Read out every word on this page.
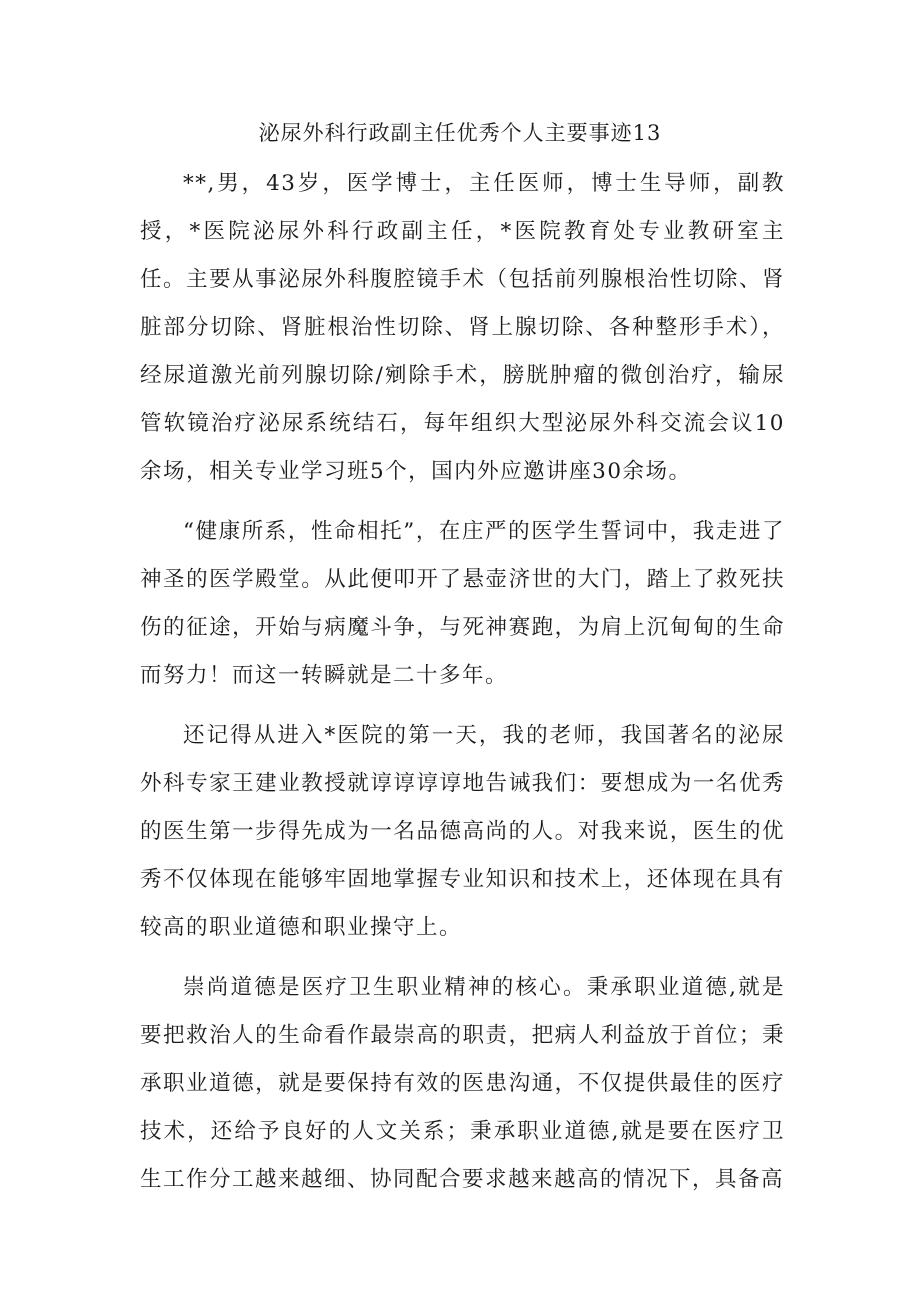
泌尿外科行政副主任优秀个人主要事迹13

**,男，43岁，医学博士，主任医师，博士生导师，副教授，*医院泌尿外科行政副主任，*医院教育处专业教研室主任。主要从事泌尿外科腹腔镜手术（包括前列腺根治性切除、肾脏部分切除、肾脏根治性切除、肾上腺切除、各种整形手术），经尿道激光前列腺切除/剜除手术，膀胱肿瘤的微创治疗，输尿管软镜治疗泌尿系统结石，每年组织大型泌尿外科交流会议10余场，相关专业学习班5个，国内外应邀讲座30余场。

“健康所系，性命相托”，在庄严的医学生誓词中，我走进了神圣的医学殿堂。从此便叩开了悬壶济世的大门，踏上了救死扶伤的征途，开始与病魔斗争，与死神赛跑，为肩上沉甸甸的生命而努力！而这一转瞬就是二十多年。

还记得从进入*医院的第一天，我的老师，我国著名的泌尿外科专家王建业教授就谆谆谆谆地告诫我们：要想成为一名优秀的医生第一步得先成为一名品德高尚的人。对我来说，医生的优秀不仅体现在能够牢固地掌握专业知识和技术上，还体现在具有较高的职业道德和职业操守上。

崇尚道德是医疗卫生职业精神的核心。秉承职业道德,就是要把救治人的生命看作最崇高的职责，把病人利益放于首位；秉承职业道德，就是要保持有效的医患沟通，不仅提供最佳的医疗技术，还给予良好的人文关系；秉承职业道德,就是要在医疗卫生工作分工越来越细、协同配合要求越来越高的情况下，具备高
